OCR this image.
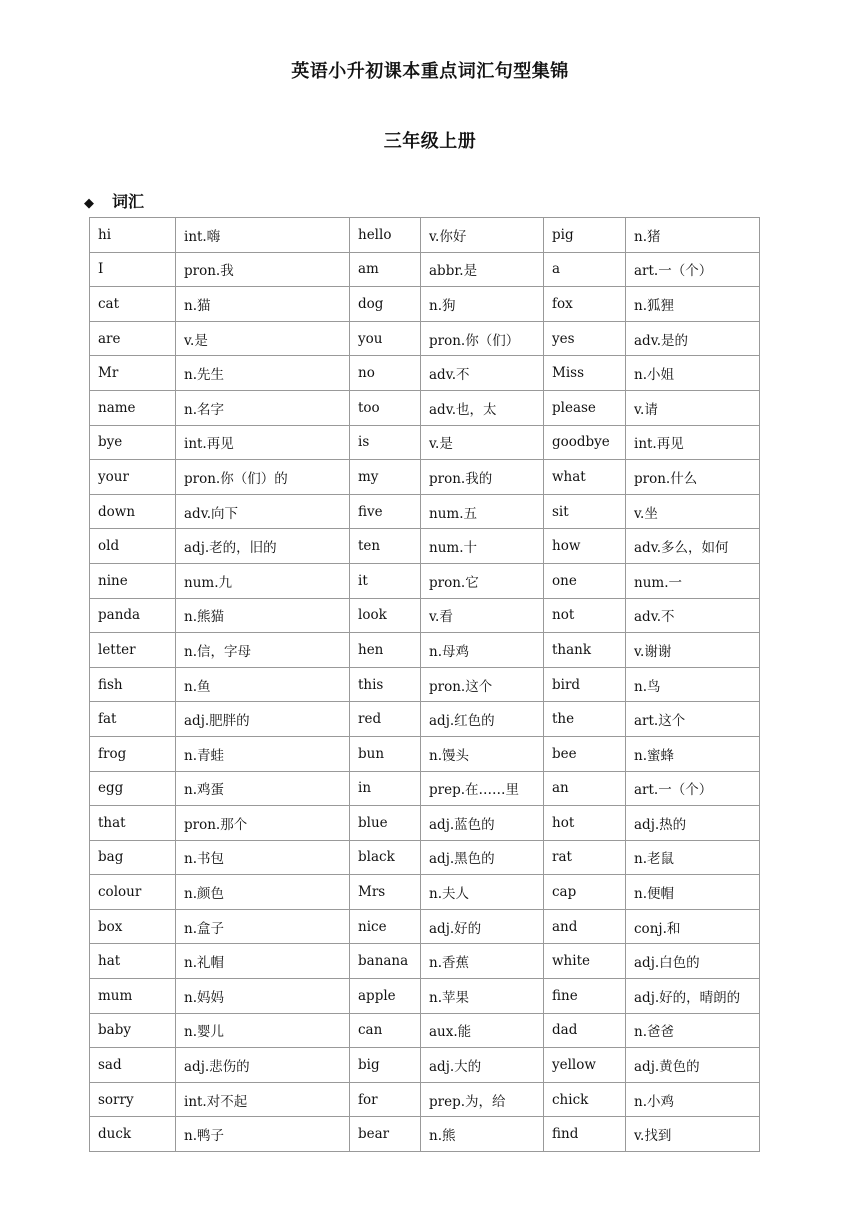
英语小升初课本重点词汇句型集锦
三年级上册
◆ 词汇
hi	int.嗨	hello	v.你好	pig	n.猪
I	pron.我	am	abbr.是	a	art.一（个）
cat	n.猫	dog	n.狗	fox	n.狐狸
are	v.是	you	pron.你（们）	yes	adv.是的
Mr	n.先生	no	adv.不	Miss	n.小姐
name	n.名字	too	adv.也，太	please	v.请
bye	int.再见	is	v.是	goodbye	int.再见
your	pron.你（们）的	my	pron.我的	what	pron.什么
down	adv.向下	five	num.五	sit	v.坐
old	adj.老的，旧的	ten	num.十	how	adv.多么，如何
nine	num.九	it	pron.它	one	num.一
panda	n.熊猫	look	v.看	not	adv.不
letter	n.信，字母	hen	n.母鸡	thank	v.谢谢
fish	n.鱼	this	pron.这个	bird	n.鸟
fat	adj.肥胖的	red	adj.红色的	the	art.这个
frog	n.青蛙	bun	n.馒头	bee	n.蜜蜂
egg	n.鸡蛋	in	prep.在……里	an	art.一（个）
that	pron.那个	blue	adj.蓝色的	hot	adj.热的
bag	n.书包	black	adj.黑色的	rat	n.老鼠
colour	n.颜色	Mrs	n.夫人	cap	n.便帽
box	n.盒子	nice	adj.好的	and	conj.和
hat	n.礼帽	banana	n.香蕉	white	adj.白色的
mum	n.妈妈	apple	n.苹果	fine	adj.好的，晴朗的
baby	n.婴儿	can	aux.能	dad	n.爸爸
sad	adj.悲伤的	big	adj.大的	yellow	adj.黄色的
sorry	int.对不起	for	prep.为，给	chick	n.小鸡
duck	n.鸭子	bear	n.熊	find	v.找到
